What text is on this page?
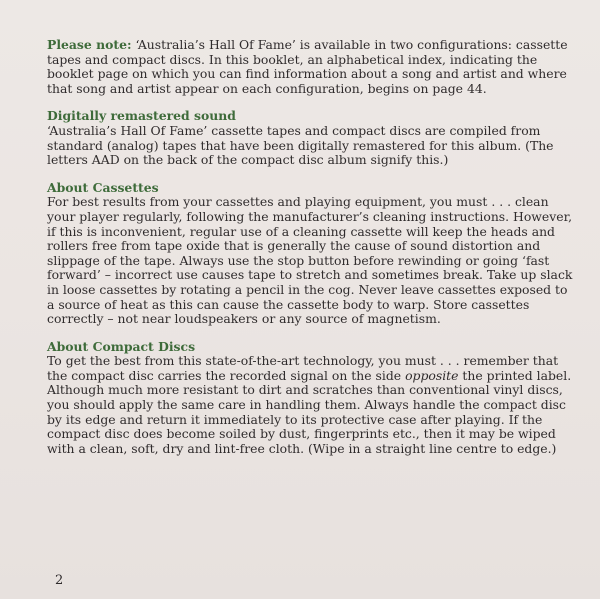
Please note: ‘Australia’s Hall Of Fame’ is available in two configurations: cassette tapes and compact discs. In this booklet, an alphabetical index, indicating the booklet page on which you can find information about a song and artist and where that song and artist appear on each configuration, begins on page 44.

Digitally remastered sound

‘Australia’s Hall Of Fame’ cassette tapes and compact discs are compiled from standard (analog) tapes that have been digitally remastered for this album. (The letters AAD on the back of the compact disc album signify this.)

About Cassettes

For best results from your cassettes and playing equipment, you must . . . clean your player regularly, following the manufacturer’s cleaning instructions. However, if this is inconvenient, regular use of a cleaning cassette will keep the heads and rollers free from tape oxide that is generally the cause of sound distortion and slippage of the tape. Always use the stop button before rewinding or going ‘fast forward’ – incorrect use causes tape to stretch and sometimes break. Take up slack in loose cassettes by rotating a pencil in the cog. Never leave cassettes exposed to a source of heat as this can cause the cassette body to warp. Store cassettes correctly – not near loudspeakers or any source of magnetism.

About Compact Discs

To get the best from this state-of-the-art technology, you must . . . remember that the compact disc carries the recorded signal on the side opposite the printed label. Although much more resistant to dirt and scratches than conventional vinyl discs, you should apply the same care in handling them. Always handle the compact disc by its edge and return it immediately to its protective case after playing. If the compact disc does become soiled by dust, fingerprints etc., then it may be wiped with a clean, soft, dry and lint-free cloth. (Wipe in a straight line centre to edge.)

2
